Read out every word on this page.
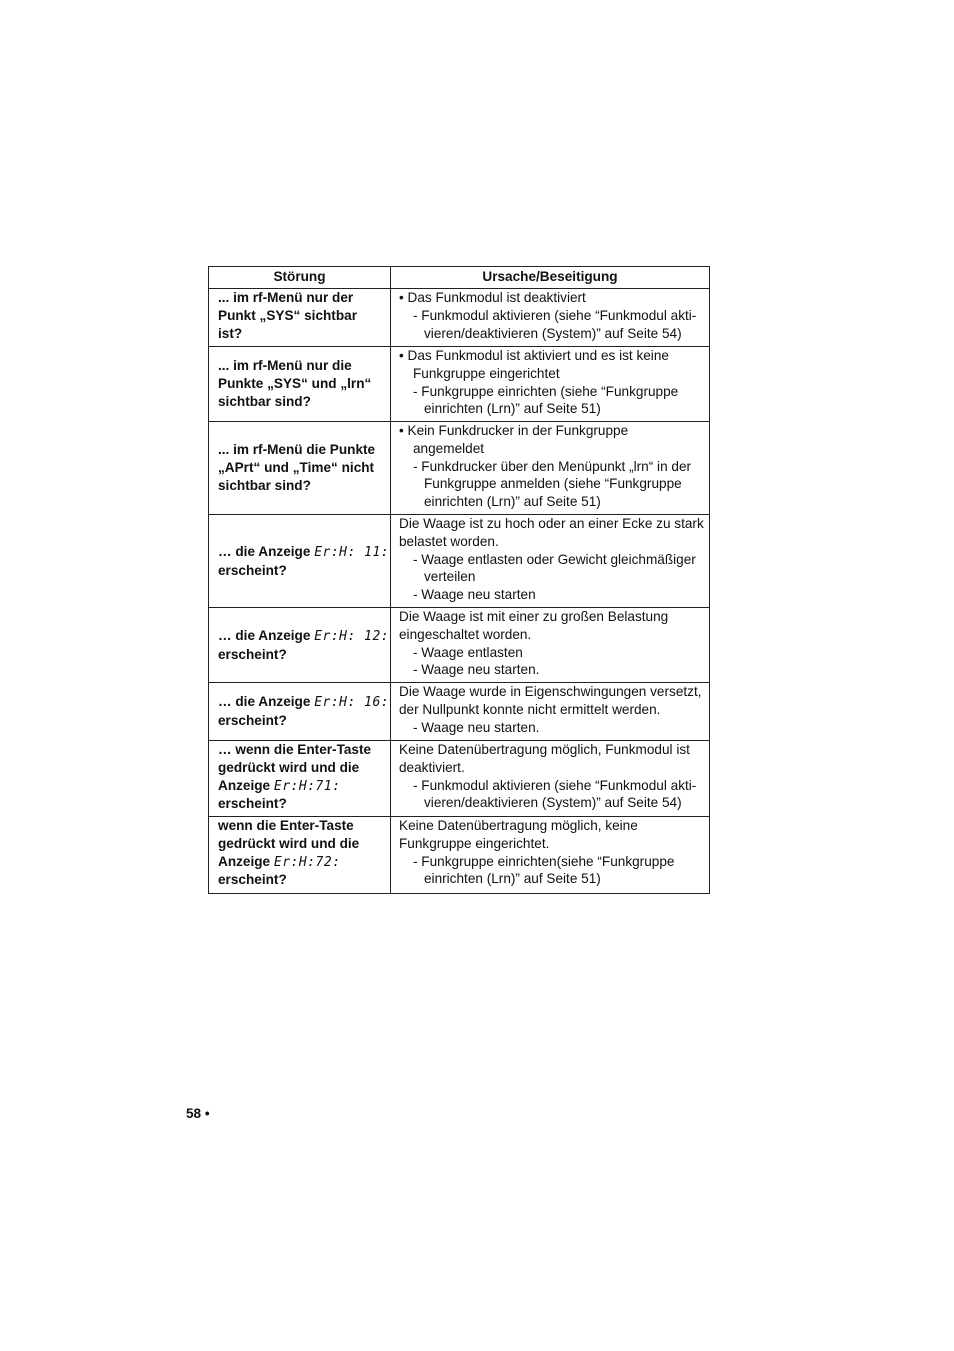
Störung	Ursache/Beseitigung

... im rf-Menü nur der
Punkt „SYS“ sichtbar
ist?	• Das Funkmodul ist deaktiviert
- Funkmodul aktivieren (siehe “Funkmodul akti-
vieren/deaktivieren (System)” auf Seite 54)

... im rf-Menü nur die
Punkte „SYS“ und „lrn“
sichtbar sind?	• Das Funkmodul ist aktiviert und es ist keine
Funkgruppe eingerichtet
- Funkgruppe einrichten (siehe “Funkgruppe
einrichten (Lrn)” auf Seite 51)

... im rf-Menü die Punkte
„APrt“ und „Time“ nicht
sichtbar sind?	• Kein Funkdrucker in der Funkgruppe
angemeldet
- Funkdrucker über den Menüpunkt „lrn“ in der
Funkgruppe anmelden (siehe “Funkgruppe
einrichten (Lrn)” auf Seite 51)

… die Anzeige Er:H: 11:
erscheint?	Die Waage ist zu hoch oder an einer Ecke zu stark
belastet worden.
- Waage entlasten oder Gewicht gleichmäßiger
verteilen
- Waage neu starten

… die Anzeige Er:H: 12:
erscheint?	Die Waage ist mit einer zu großen Belastung
eingeschaltet worden.
- Waage entlasten
- Waage neu starten.

… die Anzeige Er:H: 16:
erscheint?	Die Waage wurde in Eigenschwingungen versetzt,
der Nullpunkt konnte nicht ermittelt werden.
- Waage neu starten.

… wenn die Enter-Taste
gedrückt wird und die
Anzeige Er:H:71:
erscheint?	Keine Datenübertragung möglich, Funkmodul ist
deaktiviert.
- Funkmodul aktivieren (siehe “Funkmodul akti-
vieren/deaktivieren (System)” auf Seite 54)

wenn die Enter-Taste
gedrückt wird und die
Anzeige Er:H:72:
erscheint?	Keine Datenübertragung möglich, keine
Funkgruppe eingerichtet.
- Funkgruppe einrichten(siehe “Funkgruppe
einrichten (Lrn)” auf Seite 51)
58 •
